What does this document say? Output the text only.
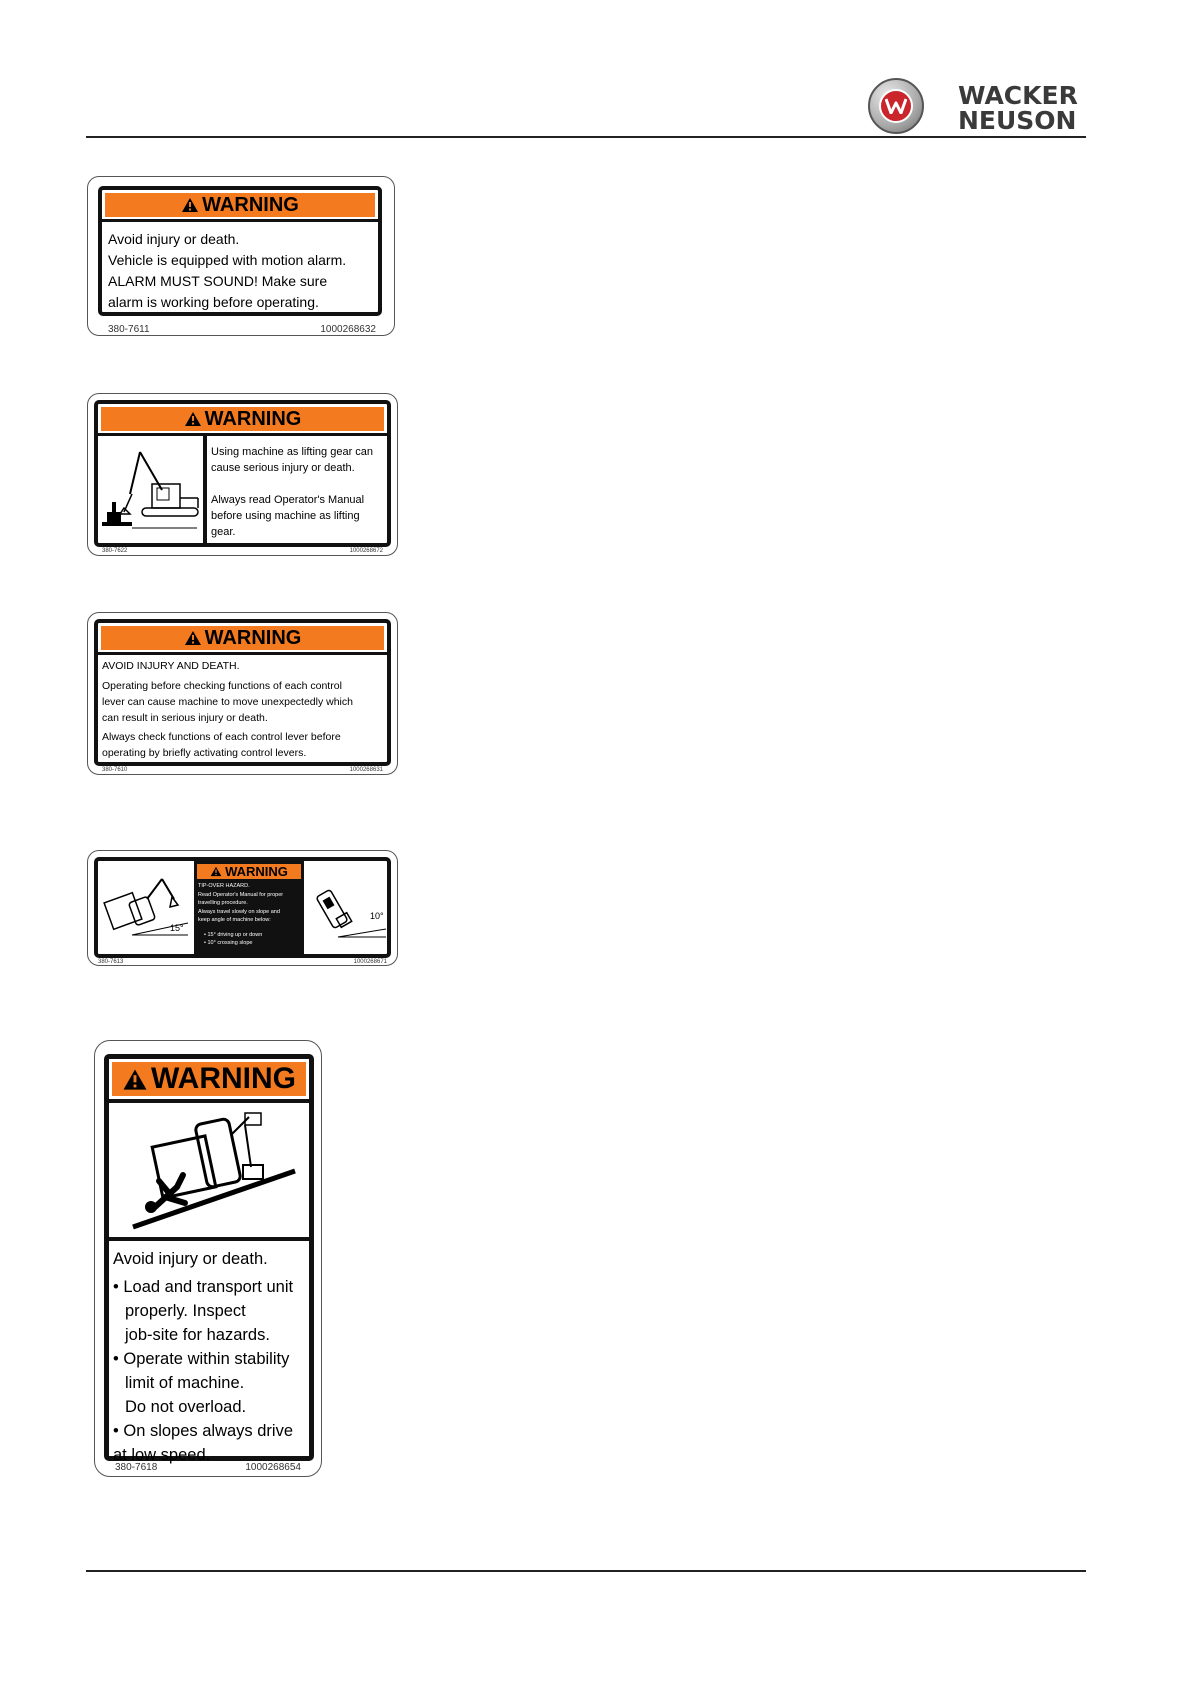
WACKER
NEUSON
WARNING
Avoid injury or death.
Vehicle is equipped with motion alarm.
ALARM MUST SOUND! Make sure
alarm is working before operating.
380-7611	1000268632
WARNING
Using machine as lifting gear can
cause serious injury or death.
Always read Operator's Manual
before using machine as lifting
gear.
380-7622	1000268672
WARNING
AVOID INJURY AND DEATH.
Operating before checking functions of each control
lever can cause machine to move unexpectedly which
can result in serious injury or death.
Always check functions of each control lever before
operating by briefly activating control levers.
380-7610	1000268631
15°
WARNING
TIP-OVER HAZARD.
Read Operator's Manual for proper
travelling procedure.
Always travel slowly on slope and
keep angle of machine below:
• 15° driving up or down
• 10° crossing slope
10°
380-7613	1000268671
WARNING
Avoid injury or death.
• Load and transport unit
properly. Inspect
job-site for hazards.
• Operate within stability
limit of machine.
Do not overload.
• On slopes always drive
at low speed.
380-7618	1000268654
